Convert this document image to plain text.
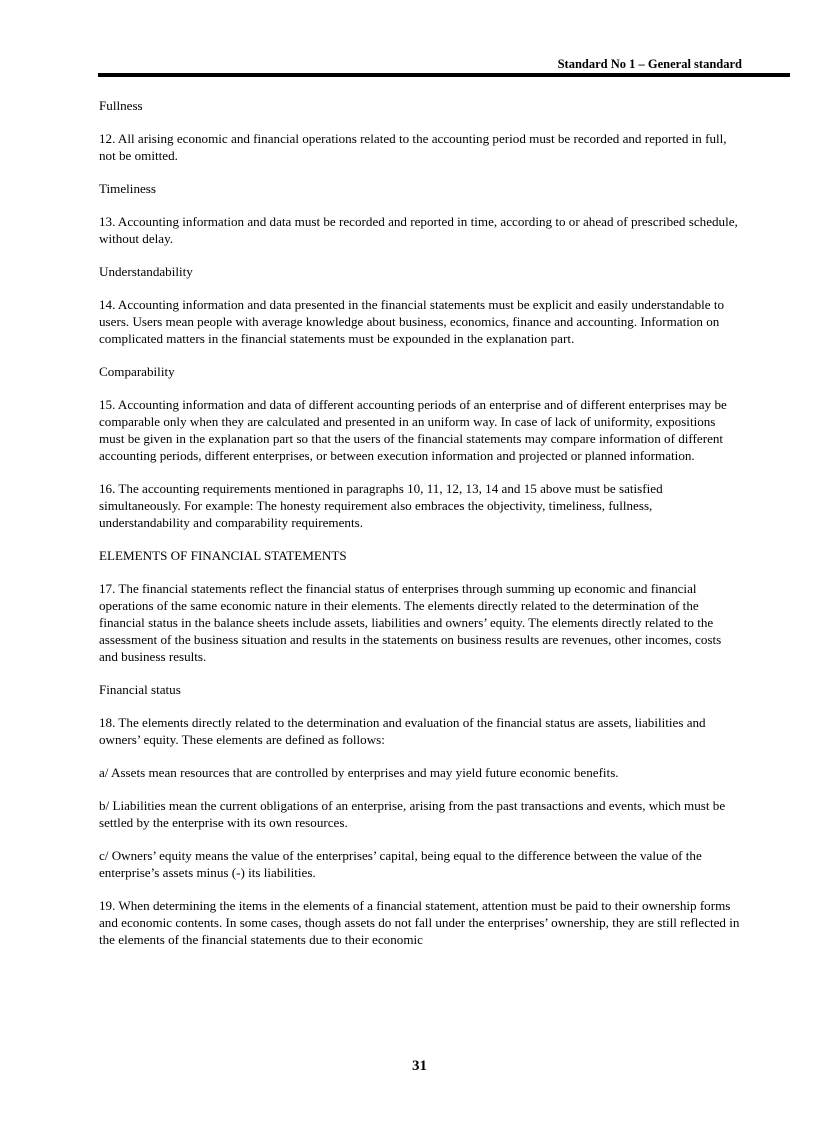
Standard No 1 – General standard

Fullness

12. All arising economic and financial operations related to the accounting period must be recorded and reported in full, not be omitted.

Timeliness

13. Accounting information and data must be recorded and reported in time, according to or ahead of prescribed schedule, without delay.

Understandability

14. Accounting information and data presented in the financial statements must be explicit and easily understandable to users. Users mean people with average knowledge about business, economics, finance and accounting. Information on complicated matters in the financial statements must be expounded in the explanation part.

Comparability

15. Accounting information and data of different accounting periods of an enterprise and of different enterprises may be comparable only when they are calculated and presented in an uniform way. In case of lack of uniformity, expositions must be given in the explanation part so that the users of the financial statements may compare information of different accounting periods, different enterprises, or between execution information and projected or planned information.

16. The accounting requirements mentioned in paragraphs 10, 11, 12, 13, 14 and 15 above must be satisfied simultaneously. For example: The honesty requirement also embraces the objectivity, timeliness, fullness, understandability and comparability requirements.

ELEMENTS OF FINANCIAL STATEMENTS

17. The financial statements reflect the financial status of enterprises through summing up economic and financial operations of the same economic nature in their elements. The elements directly related to the determination of the financial status in the balance sheets include assets, liabilities and owners’ equity. The elements directly related to the assessment of the business situation and results in the statements on business results are revenues, other incomes, costs and business results.

Financial status

18. The elements directly related to the determination and evaluation of the financial status are assets, liabilities and owners’ equity. These elements are defined as follows:

a/ Assets mean resources that are controlled by enterprises and may yield future economic benefits.

b/ Liabilities mean the current obligations of an enterprise, arising from the past transactions and events, which must be settled by the enterprise with its own resources.

c/ Owners’ equity means the value of the enterprises’ capital, being equal to the difference between the value of the enterprise’s assets minus (-) its liabilities.

19. When determining the items in the elements of a financial statement, attention must be paid to their ownership forms and economic contents. In some cases, though assets do not fall under the enterprises’ ownership, they are still reflected in the elements of the financial statements due to their economic

31
